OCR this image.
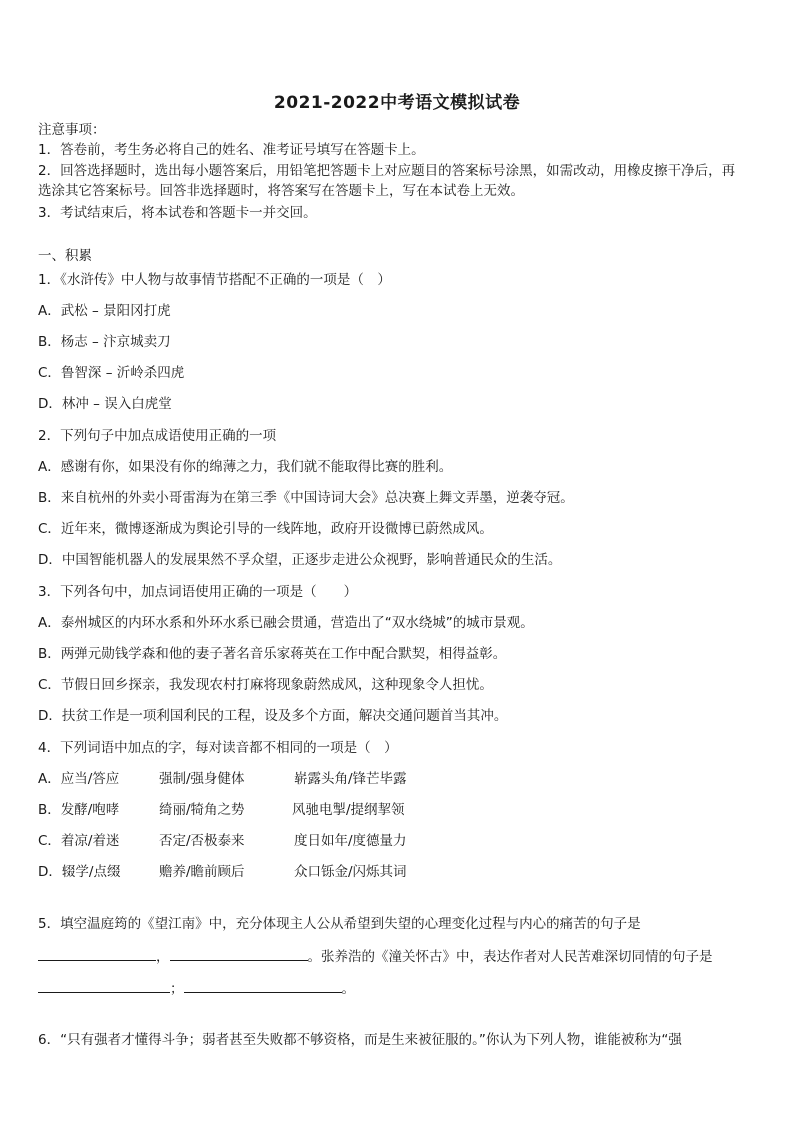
2021-2022中考语文模拟试卷
注意事项：
1．答卷前，考生务必将自己的姓名、准考证号填写在答题卡上。
2．回答选择题时，选出每小题答案后，用铅笔把答题卡上对应题目的答案标号涂黑，如需改动，用橡皮擦干净后，再
选涂其它答案标号。回答非选择题时，将答案写在答题卡上，写在本试卷上无效。
3．考试结束后，将本试卷和答题卡一并交回。
一、积累
1．《水浒传》中人物与故事情节搭配不正确的一项是（　）
A．武松 – 景阳冈打虎
B．杨志 – 汴京城卖刀
C．鲁智深 – 沂岭杀四虎
D．林冲 – 误入白虎堂
2．下列句子中加点成语使用正确的一项
A．感谢有你，如果没有你的绵薄之力，我们就不能取得比赛的胜利。
B．来自杭州的外卖小哥雷海为在第三季《中国诗词大会》总决赛上舞文弄墨，逆袭夺冠。
C．近年来，微博逐渐成为舆论引导的一线阵地，政府开设微博已蔚然成风。
D．中国智能机器人的发展果然不孚众望，正逐步走进公众视野，影响普通民众的生活。
3．下列各句中，加点词语使用正确的一项是（　　）
A．泰州城区的内环水系和外环水系已融会贯通，营造出了“双水绕城”的城市景观。
B．两弹元勋钱学森和他的妻子著名音乐家蒋英在工作中配合默契，相得益彰。
C．节假日回乡探亲，我发现农村打麻将现象蔚然成风，这种现象令人担忧。
D．扶贫工作是一项利国利民的工程，设及多个方面，解决交通问题首当其冲。
4．下列词语中加点的字，每对读音都不相同的一项是（　）
A．应当/答应	强制/强身健体	崭露头角/锋芒毕露
B．发酵/咆哮	绮丽/犄角之势	风驰电掣/提纲挈领
C．着凉/着迷	否定/否极泰来	度日如年/度德量力
D．辍学/点缀	赡养/瞻前顾后	众口铄金/闪烁其词
5．填空温庭筠的《望江南》中，充分体现主人公从希望到失望的心理变化过程与内心的痛苦的句子是
，	。张养浩的《潼关怀古》中，表达作者对人民苦难深切同情的句子是
；	。
6．“只有强者才懂得斗争；弱者甚至失败都不够资格，而是生来被征服的。”你认为下列人物，谁能被称为“强
